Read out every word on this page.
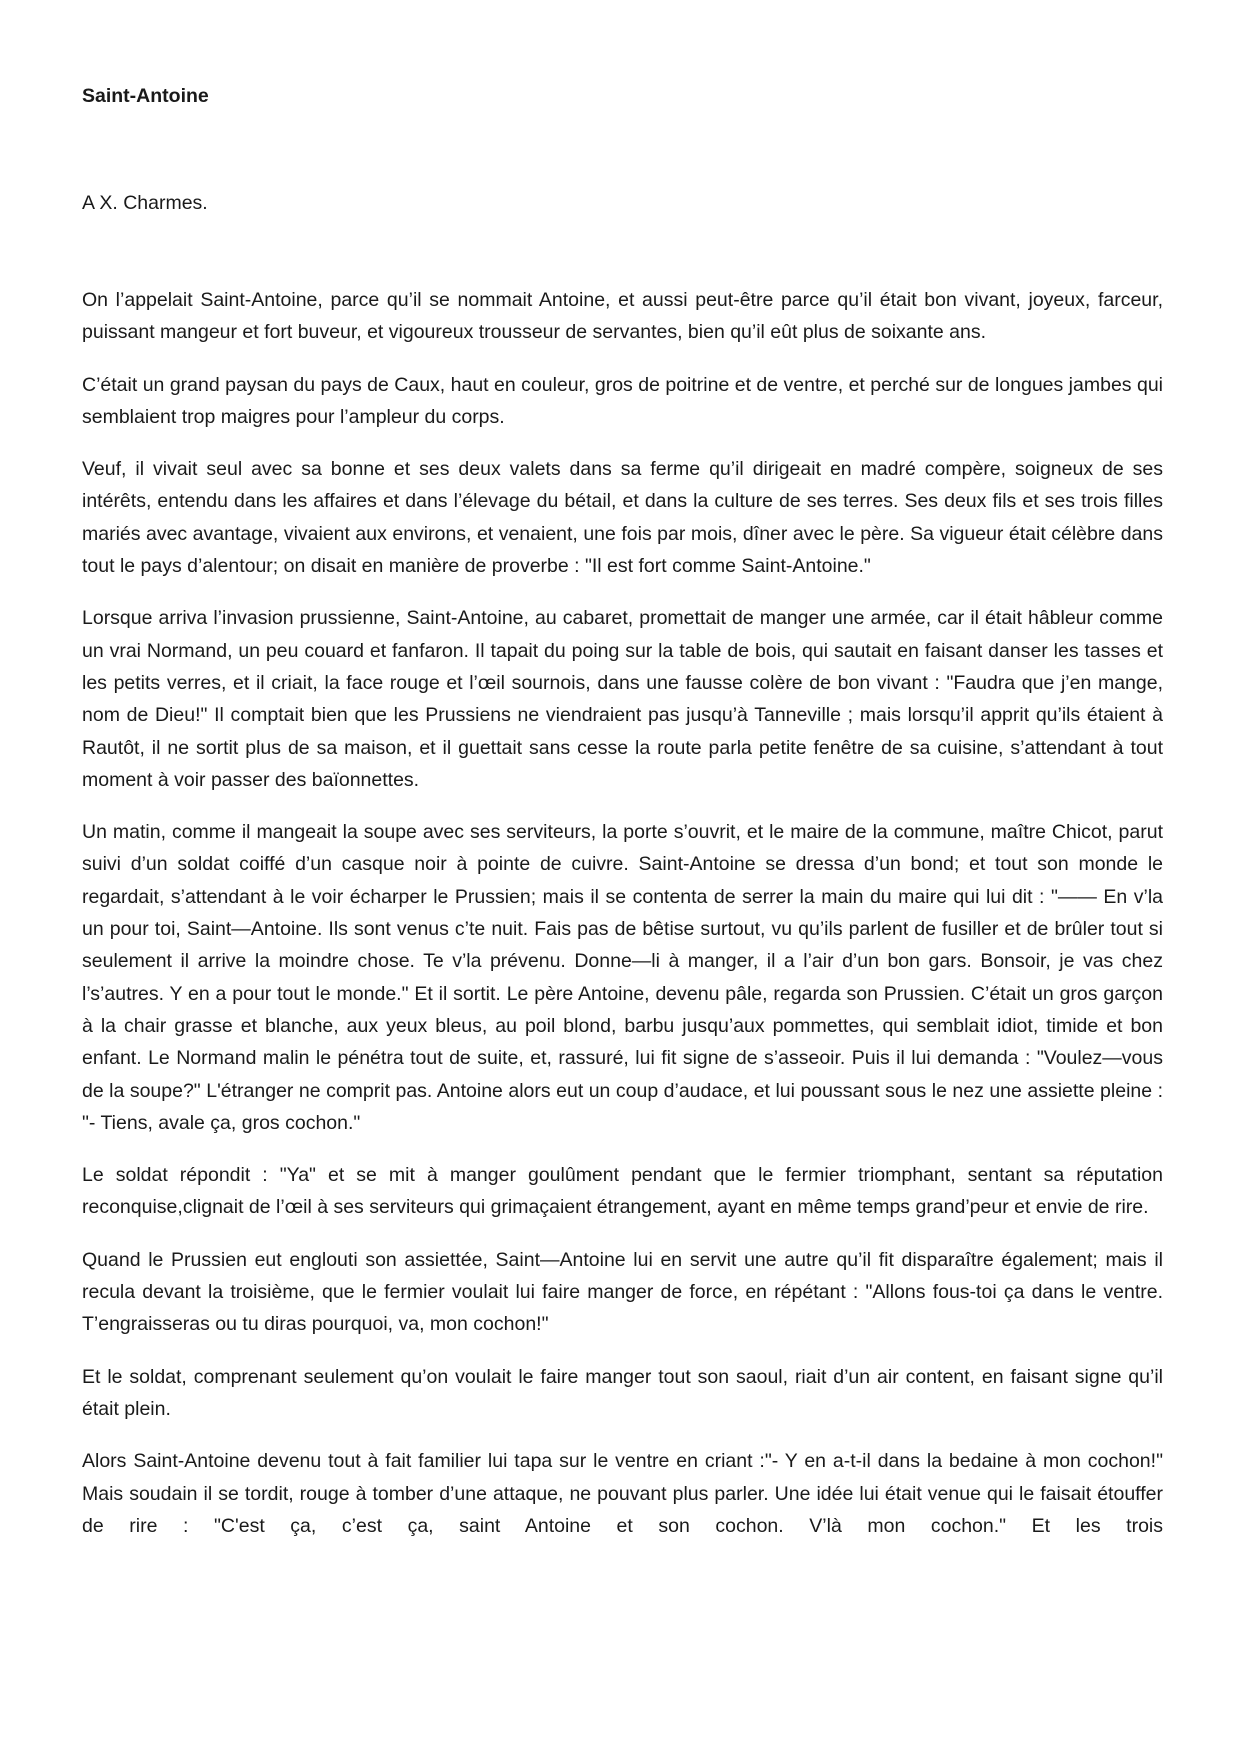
Saint-Antoine

A X. Charmes.

On l’appelait Saint-Antoine, parce qu’il se nommait Antoine, et aussi peut-être parce qu’il était bon vivant, joyeux, farceur, puissant mangeur et fort buveur, et vigoureux trousseur de servantes, bien qu’il eût plus de soixante ans.

C’était un grand paysan du pays de Caux, haut en couleur, gros de poitrine et de ventre, et perché sur de longues jambes qui semblaient trop maigres pour l’ampleur du corps.

Veuf, il vivait seul avec sa bonne et ses deux valets dans sa ferme qu’il dirigeait en madré compère, soigneux de ses intérêts, entendu dans les affaires et dans l’élevage du bétail, et dans la culture de ses terres. Ses deux fils et ses trois filles mariés avec avantage, vivaient aux environs, et venaient, une fois par mois, dîner avec le père. Sa vigueur était célèbre dans tout le pays d’alentour; on disait en manière de proverbe : "Il est fort comme Saint-Antoine."

Lorsque arriva l’invasion prussienne, Saint-Antoine, au cabaret, promettait de manger une armée, car il était hâbleur comme un vrai Normand, un peu couard et fanfaron. Il tapait du poing sur la table de bois, qui sautait en faisant danser les tasses et les petits verres, et il criait, la face rouge et l’œil sournois, dans une fausse colère de bon vivant : "Faudra que j’en mange, nom de Dieu!" Il comptait bien que les Prussiens ne viendraient pas jusqu’à Tanneville ; mais lorsqu’il apprit qu’ils étaient à Rautôt, il ne sortit plus de sa maison, et il guettait sans cesse la route parla petite fenêtre de sa cuisine, s’attendant à tout moment à voir passer des baïonnettes.

Un matin, comme il mangeait la soupe avec ses serviteurs, la porte s’ouvrit, et le maire de la commune, maître Chicot, parut suivi d’un soldat coiffé d’un casque noir à pointe de cuivre. Saint-Antoine se dressa d’un bond; et tout son monde le regardait, s’attendant à le voir écharper le Prussien; mais il se contenta de serrer la main du maire qui lui dit : "—— En v’la un pour toi, Saint—Antoine. Ils sont venus c’te nuit. Fais pas de bêtise surtout, vu qu’ils parlent de fusiller et de brûler tout si seulement il arrive la moindre chose. Te v’la prévenu. Donne—li à manger, il a l’air d’un bon gars. Bonsoir, je vas chez l’s’autres. Y en a pour tout le monde." Et il sortit. Le père Antoine, devenu pâle, regarda son Prussien. C’était un gros garçon à la chair grasse et blanche, aux yeux bleus, au poil blond, barbu jusqu’aux pommettes, qui semblait idiot, timide et bon enfant. Le Normand malin le pénétra tout de suite, et, rassuré, lui fit signe de s’asseoir. Puis il lui demanda : "Voulez—vous de la soupe?" L'étranger ne comprit pas. Antoine alors eut un coup d’audace, et lui poussant sous le nez une assiette pleine : "- Tiens, avale ça, gros cochon."

Le soldat répondit : "Ya" et se mit à manger goulûment pendant que le fermier triomphant, sentant sa réputation reconquise,clignait de l’œil à ses serviteurs qui grimaçaient étrangement, ayant en même temps grand’peur et envie de rire.

Quand le Prussien eut englouti son assiettée, Saint—Antoine lui en servit une autre qu’il fit disparaître également; mais il recula devant la troisième, que le fermier voulait lui faire manger de force, en répétant : "Allons fous-toi ça dans le ventre. T’engraisseras ou tu diras pourquoi, va, mon cochon!"

Et le soldat, comprenant seulement qu’on voulait le faire manger tout son saoul, riait d’un air content, en faisant signe qu’il était plein.

Alors Saint-Antoine devenu tout à fait familier lui tapa sur le ventre en criant :"- Y en a-t-il dans la bedaine à mon cochon!" Mais soudain il se tordit, rouge à tomber d’une attaque, ne pouvant plus parler. Une idée lui était venue qui le faisait étouffer de rire : "C'est ça, c’est ça, saint Antoine et son cochon. V’là mon cochon." Et les trois
